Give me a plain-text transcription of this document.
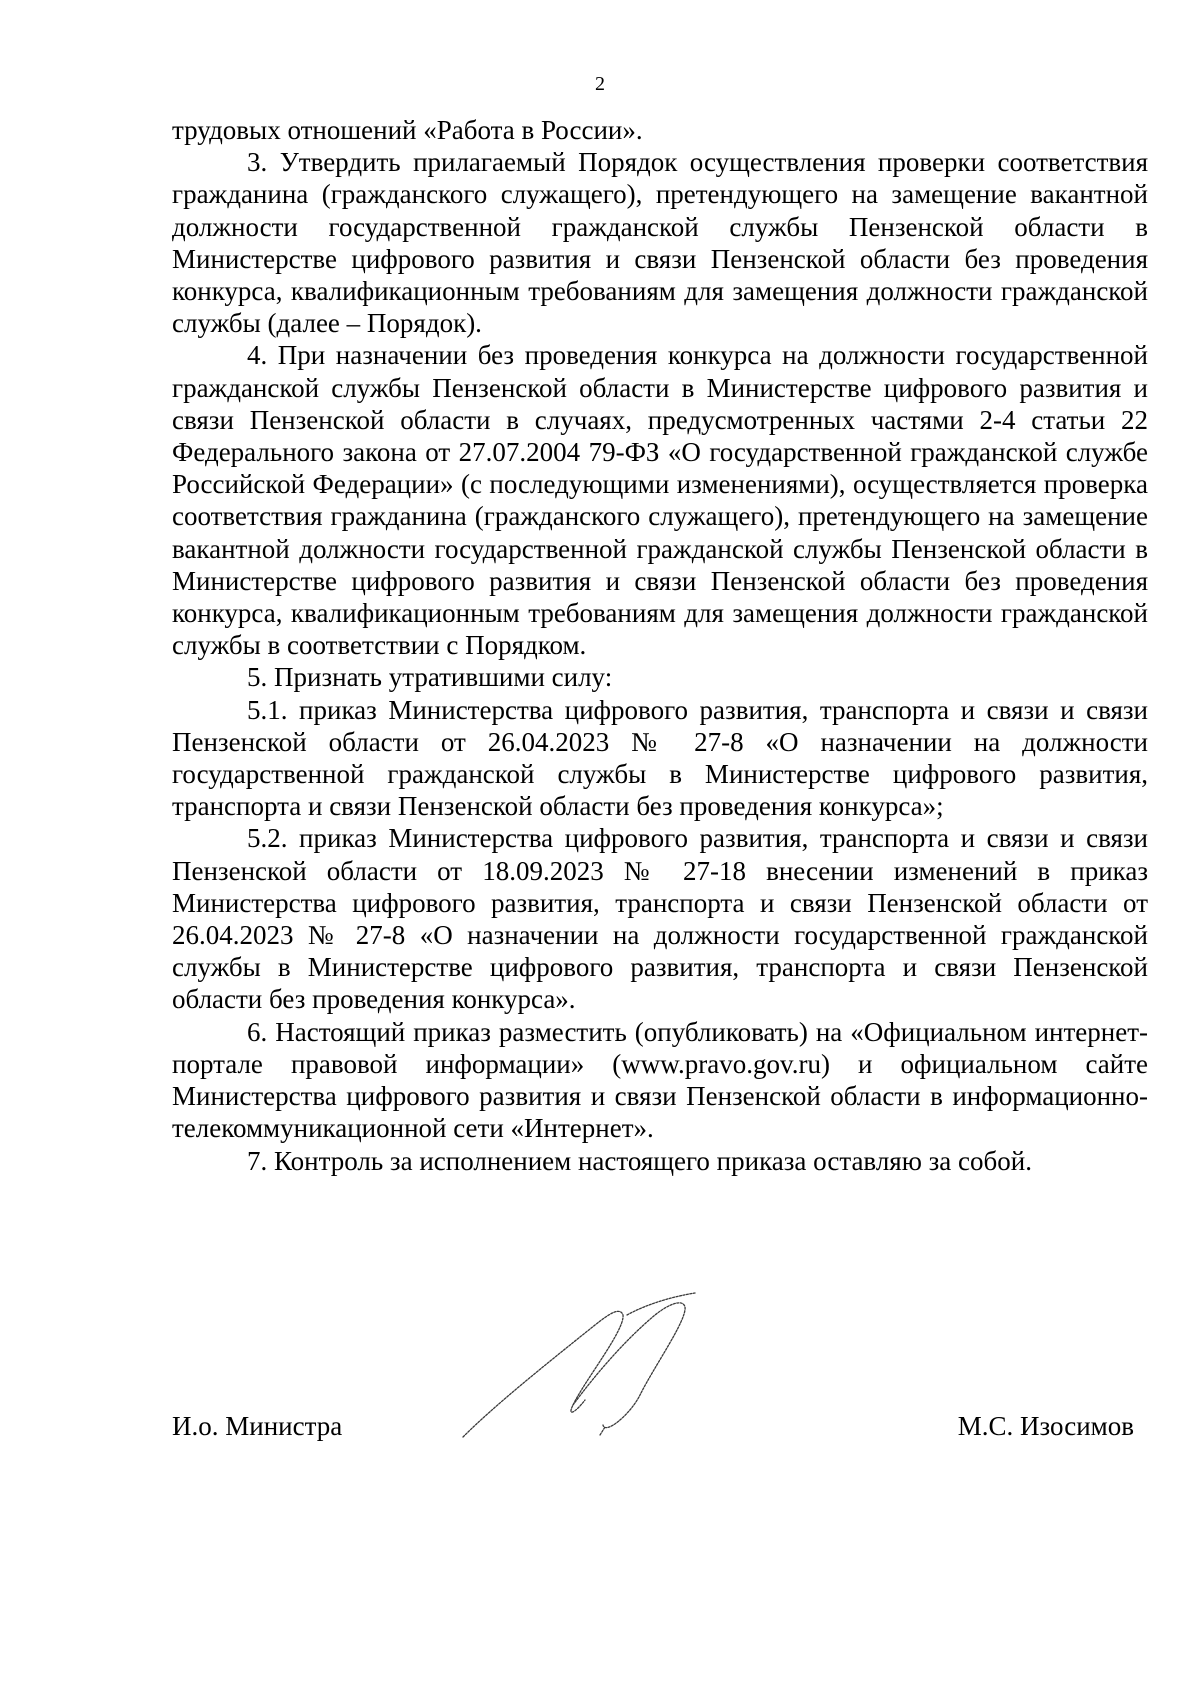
2

трудовых отношений «Работа в России».

3. Утвердить прилагаемый Порядок осуществления проверки соответствия гражданина (гражданского служащего), претендующего на замещение вакантной должности государственной гражданской службы Пензенской области в Министерстве цифрового развития и связи Пензенской области без проведения конкурса, квалификационным требованиям для замещения должности гражданской службы (далее – Порядок).

4. При назначении без проведения конкурса на должности государственной гражданской службы Пензенской области в Министерстве цифрового развития и связи Пензенской области в случаях, предусмотренных частями 2-4 статьи 22 Федерального закона от 27.07.2004 79-ФЗ «О государственной гражданской службе Российской Федерации» (с последующими изменениями), осуществляется проверка соответствия гражданина (гражданского служащего), претендующего на замещение вакантной должности государственной гражданской службы Пензенской области в Министерстве цифрового развития и связи Пензенской области без проведения конкурса, квалификационным требованиям для замещения должности гражданской службы в соответствии с Порядком.

5. Признать утратившими силу:

5.1. приказ Министерства цифрового развития, транспорта и связи и связи Пензенской области от 26.04.2023 № 27-8 «О назначении на должности государственной гражданской службы в Министерстве цифрового развития, транспорта и связи Пензенской области без проведения конкурса»;

5.2. приказ Министерства цифрового развития, транспорта и связи и связи Пензенской области от 18.09.2023 № 27-18 внесении изменений в приказ Министерства цифрового развития, транспорта и связи Пензенской области от 26.04.2023 № 27-8 «О назначении на должности государственной гражданской службы в Министерстве цифрового развития, транспорта и связи Пензенской области без проведения конкурса».

6. Настоящий приказ разместить (опубликовать) на «Официальном интернет-портале правовой информации» (www.pravo.gov.ru) и официальном сайте Министерства цифрового развития и связи Пензенской области в информационно-телекоммуникационной сети «Интернет».

7. Контроль за исполнением настоящего приказа оставляю за собой.

И.о. Министра	М.С. Изосимов
